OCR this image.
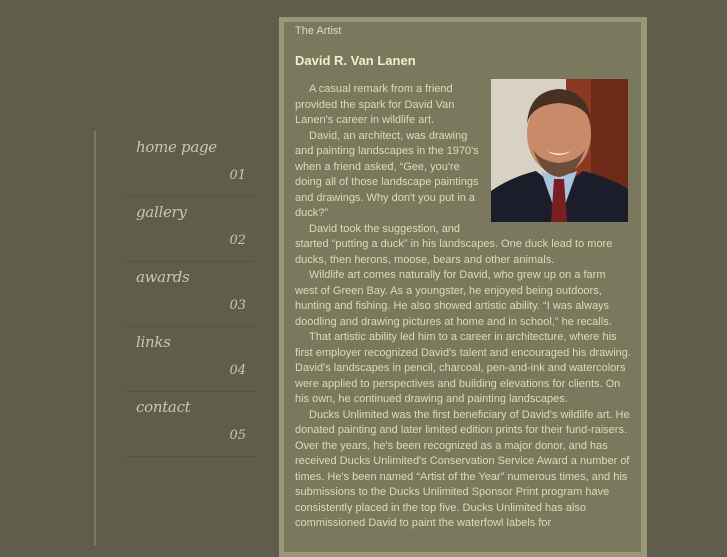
home page
01
gallery
02
awards
03
links
04
contact
05
The Artist
David R. Van Lanen

A casual remark from a friend provided the spark for David Van Lanen's career in wildlife art.

David, an architect, was drawing and painting landscapes in the 1970's when a friend asked, “Gee, you're doing all of those landscape paintings and drawings. Why don't you put in a duck?”

David took the suggestion, and started “putting a duck” in his landscapes. One duck lead to more ducks, then herons, moose, bears and other animals.

Wildlife art comes naturally for David, who grew up on a farm west of Green Bay. As a youngster, he enjoyed being outdoors, hunting and fishing. He also showed artistic ability. “I was always doodling and drawing pictures at home and in school,” he recalls.

That artistic ability led him to a career in architecture, where his first employer recognized David's talent and encouraged his drawing. David's landscapes in pencil, charcoal, pen-and-ink and watercolors were applied to perspectives and building elevations for clients. On his own, he continued drawing and painting landscapes.

Ducks Unlimited was the first beneficiary of David's wildlife art. He donated painting and later limited edition prints for their fund-raisers. Over the years, he's been recognized as a major donor, and has received Ducks Unlimited's Conservation Service Award a number of times. He's been named “Artist of the Year” numerous times, and his submissions to the Ducks Unlimited Sponsor Print program have consistently placed in the top five. Ducks Unlimited has also commissioned David to paint the waterfowl labels for
